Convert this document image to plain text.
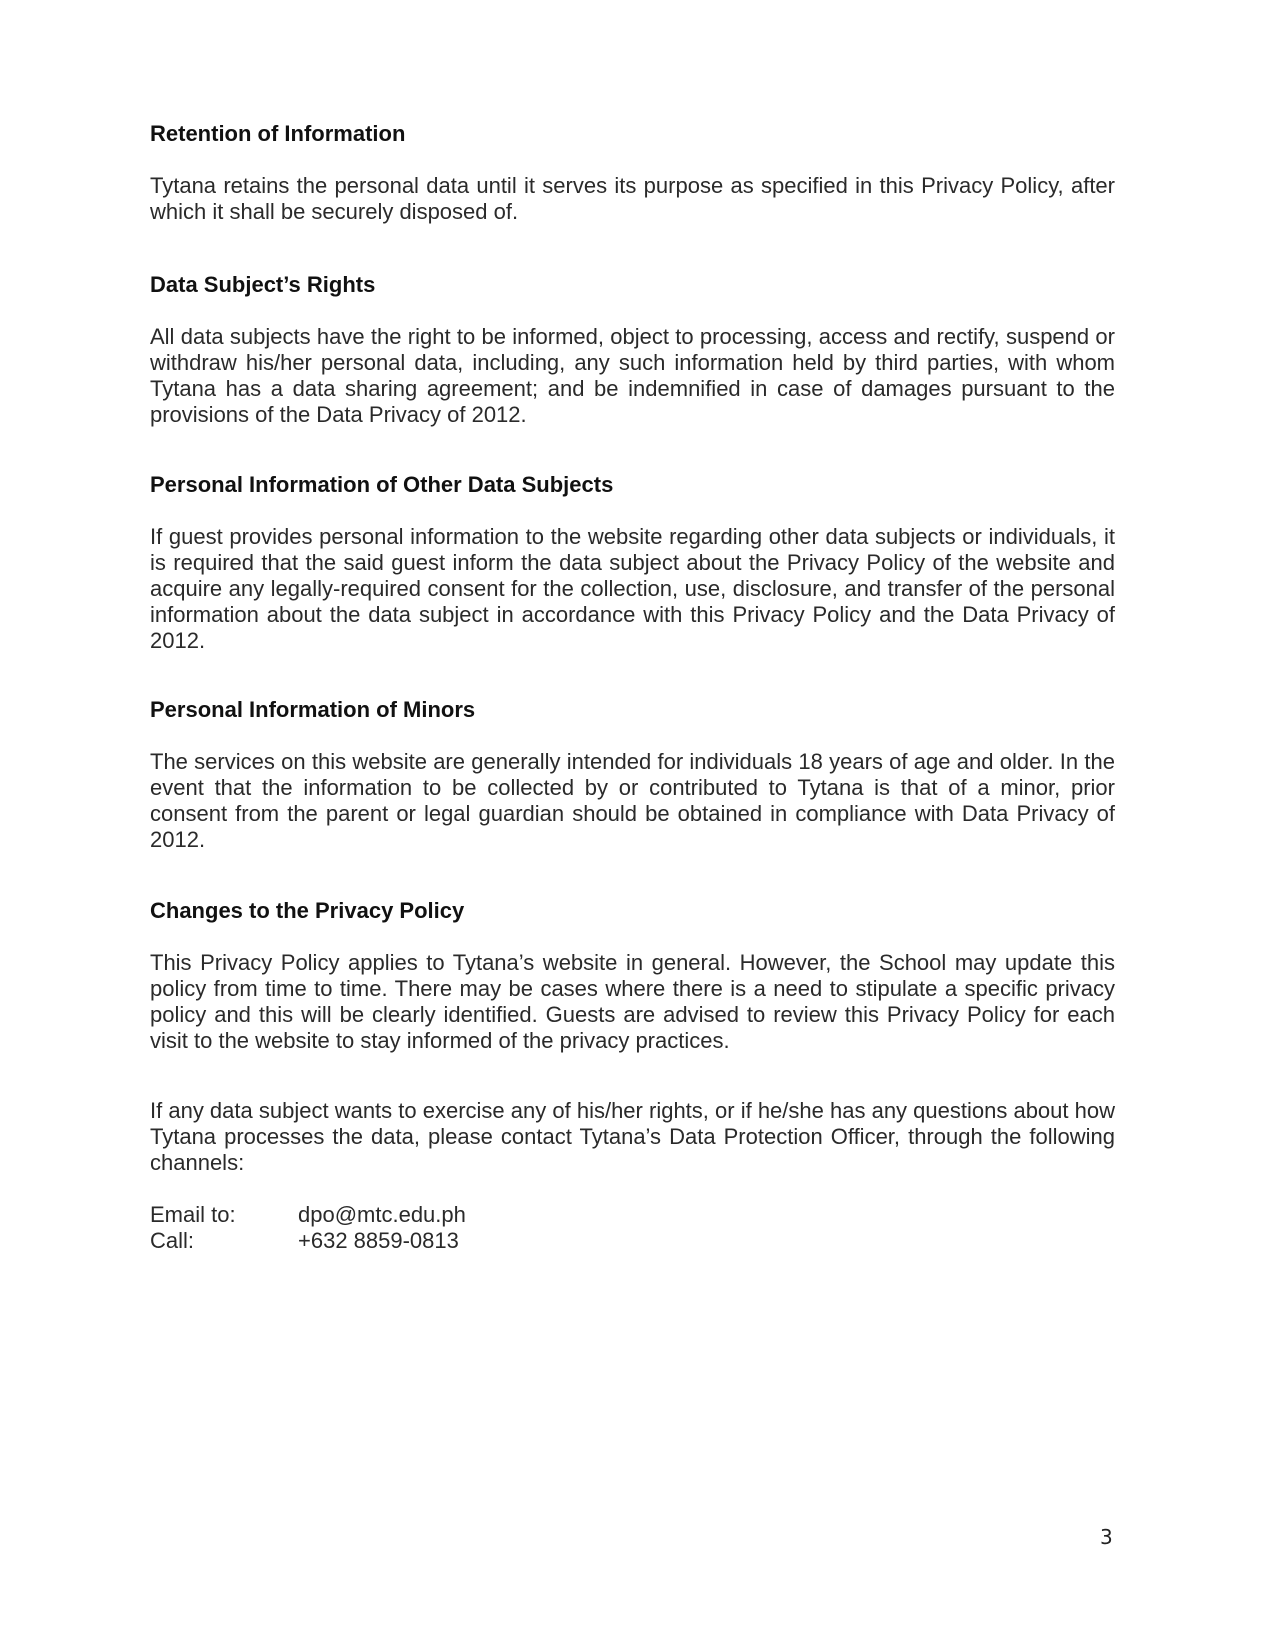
Retention of Information

Tytana retains the personal data until it serves its purpose as specified in this Privacy Policy, after which it shall be securely disposed of.

Data Subject’s Rights

All data subjects have the right to be informed, object to processing, access and rectify, suspend or withdraw his/her personal data, including, any such information held by third parties, with whom Tytana has a data sharing agreement; and be indemnified in case of damages pursuant to the provisions of the Data Privacy of 2012.

Personal Information of Other Data Subjects

If guest provides personal information to the website regarding other data subjects or individuals, it is required that the said guest inform the data subject about the Privacy Policy of the website and acquire any legally-required consent for the collection, use, disclosure, and transfer of the personal information about the data subject in accordance with this Privacy Policy and the Data Privacy of 2012.

Personal Information of Minors

The services on this website are generally intended for individuals 18 years of age and older. In the event that the information to be collected by or contributed to Tytana is that of a minor, prior consent from the parent or legal guardian should be obtained in compliance with Data Privacy of 2012.

Changes to the Privacy Policy

This Privacy Policy applies to Tytana’s website in general. However, the School may update this policy from time to time. There may be cases where there is a need to stipulate a specific privacy policy and this will be clearly identified. Guests are advised to review this Privacy Policy for each visit to the website to stay informed of the privacy practices.

If any data subject wants to exercise any of his/her rights, or if he/she has any questions about how Tytana processes the data, please contact Tytana’s Data Protection Officer, through the following channels:

Email to:	dpo@mtc.edu.ph
Call:	+632 8859-0813
3
